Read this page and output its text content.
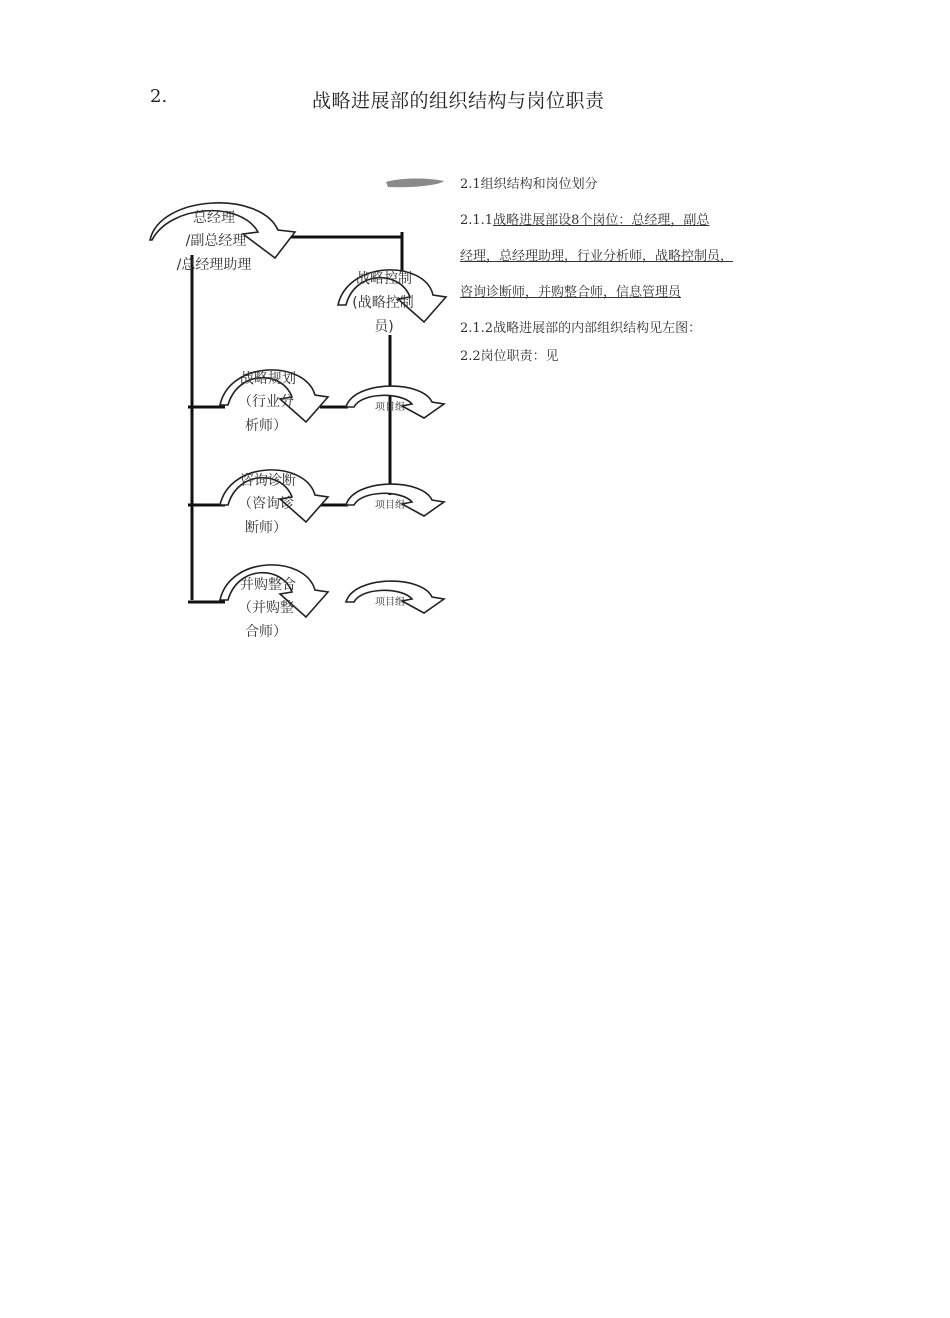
2.	战略进展部的组织结构与岗位职责
总经理
/副总经理
/总经理助理
战略控制
(战略控制
员)
战略规划
（行业分
析师）
咨询诊断
（咨询诊
断师）
并购整合
（并购整
合师）
项目组
项目组
项目组
2.1组织结构和岗位划分
2.1.1战略进展部设8个岗位：总经理，副总
经理，总经理助理，行业分析师，战略控制员，
咨询诊断师，并购整合师，信息管理员
2.1.2战略进展部的内部组织结构见左图：
2.2岗位职责：见
